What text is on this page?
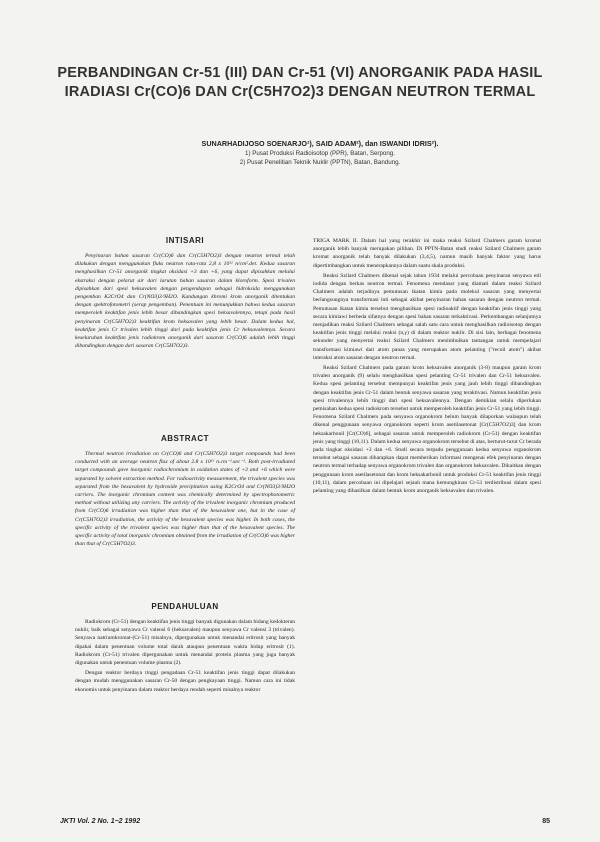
PERBANDINGAN Cr-51 (III) DAN Cr-51 (VI) ANORGANIK PADA HASIL IRADIASI Cr(CO)6 DAN Cr(C5H7O2)3 DENGAN NEUTRON TERMAL
SUNARHADIJOSO SOENARJO¹), SAID ADAM²), dan ISWANDI IDRIS²).
1) Pusat Produksi Radioisotop (PPR), Batan, Serpong.
2) Pusat Penelitian Teknik Nuklir (PPTN), Batan, Bandung.
INTISARI

Penyinaran bahan sasaran Cr(CO)6 dan Cr(C5H7O2)3 dengan neutron termal telah dilakukan dengan menggunakan fluks neutron rata-rata 2,8 x 10¹² n/cm².det. Kedua sasaran menghasilkan Cr-51 anorganik tingkat oksidasi +3 dan +6, yang dapat dipisahkan melalui ekstraksi dengan pelarut air dari larutan bahan sasaran dalam kloroform. Spesi trivalen dipisahkan dari spesi heksavalen dengan pengendapan sebagai hidroksida menggunakan pengemban K2CrO4 dan Cr(NO3)3·9H2O. Kandungan khromi krom anorganik ditentukan dengan spektrofotometri (serap pengemban). Penentuan ini menunjukkan bahwa kedua sasaran memperoleh keaktifan jenis lebih besar dibandingkan spesi heksavalennya, tetapi pada hasil penyinaran Cr(C5H7O2)3 keaktifan krom heksavalen yang lebih besar. Dalam kedua hal, keaktifan jenis Cr trivalen lebih tinggi dari pada keaktifan jenis Cr heksavalennya. Secara keseluruhan keaktifan jenis radiokrom anorganik dari sasaran Cr(CO)6 adalah lebih tinggi dibandingkan dengan dari sasaran Cr(C5H7O2)3.

ABSTRACT

Thermal neutron irradiation on Cr(CO)6 and Cr(C5H7O2)3 target compounds had been conducted with an average neutron flux of about 2.8 x 10¹² n.cm⁻².sec⁻¹. Both post-irradiated target compounds gave inorganic radiochromium in oxidation states of +3 and +6 which were separated by solvent extraction method. For radioactivity measurement, the trivalent species was separated from the hexavalent by hydroxide precipitation using K2CrO4 and Cr(NO3)3·9H2O carriers. The inorganic chromium content was chemically determined by spectrophotometric method without utilizing any carriers. The activity of the trivalent inorganic chromium produced from Cr(CO)6 irradiation was higher than that of the hexavalent one, but in the case of Cr(C5H7O2)3 irradiation, the activity of the hexavalent species was higher. In both cases, the specific activity of the trivalent species was higher than that of the hexavalent species. The specific activity of total inorganic chromium obtained from the irradiation of Cr(CO)6 was higher than that of Cr(C5H7O2)3.

PENDAHULUAN

Radiokrom (Cr-51) dengan keaktifan jenis tinggi banyak digunakan dalam bidang kedokteran nuklir, baik sebagai senyawa Cr valensi 6 (heksavalen) maupun senyawa Cr valensi 3 (trivalen). Senyawa natriumkromat-(Cr-51) misalnya, dipergunakan untuk menandai eritrosit yang banyak dipakai dalam penentuan volume total darah ataupun penentuan waktu hidup eritrosit (1). Radiokrom (Cr-51) trivalen dipergunakan untuk menandai protein plasma yang juga banyak digunakan untuk penentuan volume plasma (2).

Dengan reaktor berdaya tinggi pengadaan Cr-51 keaktifan jenis tinggi dapat dilakukan dengan mudah menggunakan sasaran Cr-50 dengan pengkayaan tinggi. Namun cara ini tidak ekonomis untuk penyinaran dalam reaktor berdaya rendah seperti misalnya reaktor

TRIGA MARK II. Dalam hal yang terakhir ini maka reaksi Szilard Chalmers garam kromat anorganik lebih banyak merupakan pilihan. Di PPTN-Batan studi reaksi Szilard Chalmers garam kromat anorganik telah banyak dilakukan (3,4,5), namun masih banyak faktor yang harus dipertimbangkan untuk menerapkannya dalam suatu skala produksi.

Reaksi Szilard Chalmers dikenal sejak tahun 1934 melalui percobaan penyinaran senyawa etil iodida dengan berkas neutron termal. Fenomena mendasar yang diamati dalam reaksi Szilard Chalmers adalah terjadinya pemutusan ikatan kimia pada molekul sasaran yang menyertai berlangsungnya transformasi inti sebagai akibat penyinaran bahan sasaran dengan neutron termal. Pemutusan ikatan kimia tersebut menghasilkan spesi radioaktif dengan keaktifan jenis tinggi yang secara kimiawi berbeda sifatnya dengan spesi bahan sasaran terkaktivasi. Perkembangan selanjutnya menjadikan reaksi Szilard Chalmers sebagai salah satu cara untuk menghasilkan radioisotop dengan keaktifan jenis tinggi melalui reaksi (n,γ) di dalam reaktor nuklir. Di sisi lain, berbagai fenomena sekunder yang menyertai reaksi Szilard Chalmers menimbulkan tantangan untuk mempelajari transformasi kimiawi dari atom panas yang merupakan atom pelanting ("recoil atom") akibat interaksi atom sasaran dengan neutron termal.

Reaksi Szilard Chalmers pada garam krom heksavalen anorganik (3-8) maupun garam krom trivalen anorganik (9) selalu menghasilkan spesi pelanting Cr-51 trivalen dan Cr-51 heksavalen. Kedua spesi pelanting tersebut mempunyai keaktifan jenis yang jauh lebih tinggi dibandingkan dengan keaktifan jenis Cr-51 dalam bentuk senyawa sasaran yang teraktivasi. Namun keaktifan jenis spesi trivalennya lebih tinggi dari spesi heksavalennya. Dengan demikian selalu diperlukan pemisahan kedua spesi radiokrom tersebut untuk memperoleh keaktifan jenis Cr-51 yang lebih tinggi. Fenomena Szilard Chalmers pada senyawa organokrom belum banyak dilaporkan walaupun telah dikenal penggunaan senyawa organokrom seperti krom asetilasetonat [Cr(C5H7O2)3] dan krom heksakarbonil [Cr(CO)6], sebagai sasaran untuk memperoleh radiokrom (Cr-51) dengan keaktifan jenis yang tinggi (10,11). Dalam kedua senyawa organokrom tersebut di atas, berturut-turut Cr berada pada tingkat oksidasi +3 dan +6. Studi secara terpadu penggunaan kedua senyawa organokrom tersebut sebagai sasaran diharapkan dapat memberikan informasi mengenai efek penyinaran dengan neutron termal terhadap senyawa organokrom trivalen dan organokrom heksavalen. Dikaitkan dengan penggunaan krom asetilasetonat dan krom heksakarbonil untuk produksi Cr-51 keaktifan jenis tinggi (10,11), dalam percobaan ini dipelajari sejauh mana kemungkinan Cr-51 terdistribusi dalam spesi pelanting yang dihasilkan dalam bentuk krom anorganik heksavalen dan trivalen.

JKTI Vol. 2 No. 1−2 1992	85
